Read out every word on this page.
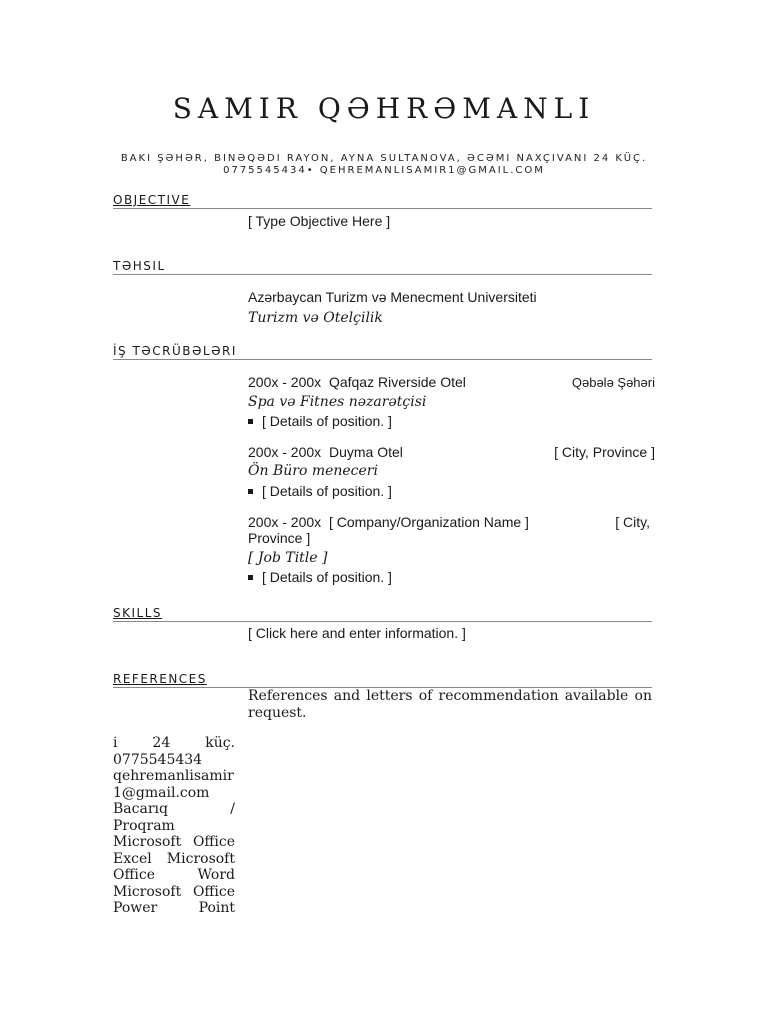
SAMIR QƏHRƏMANLI
BAKI ŞƏHƏR, BINƏQƏDI RAYON, AYNA SULTANOVA, ƏCƏMI NAXÇIVANI 24 KÜÇ.
0775545434• QEHREMANLISAMIR1@GMAIL.COM
OBJECTIVE
[ Type Objective Here ]
TƏHSIL
Azərbaycan Turizm və Menecment Universiteti
Turizm və Otelçilik
İŞ TƏCRÜBƏLƏRI
200x - 200x Qafqaz Riverside Otel	Qəbələ Şəhəri
Spa və Fitnes nəzarətçisi
[ Details of position. ]
200x - 200x Duyma Otel	[ City, Province ]
Ön Büro meneceri
[ Details of position. ]
200x - 200x [ Company/Organization Name ]	[ City,
Province ]
[ Job Title ]
[ Details of position. ]
SKILLS
[ Click here and enter information. ]
REFERENCES
References and letters of recommendation available on request.
i 24 küç.
0775545434
qehremanlisamir
1@gmail.com
Bacarıq /
Proqram
Microsoft Office
Excel Microsoft
Office Word
Microsoft Office
Power Point
